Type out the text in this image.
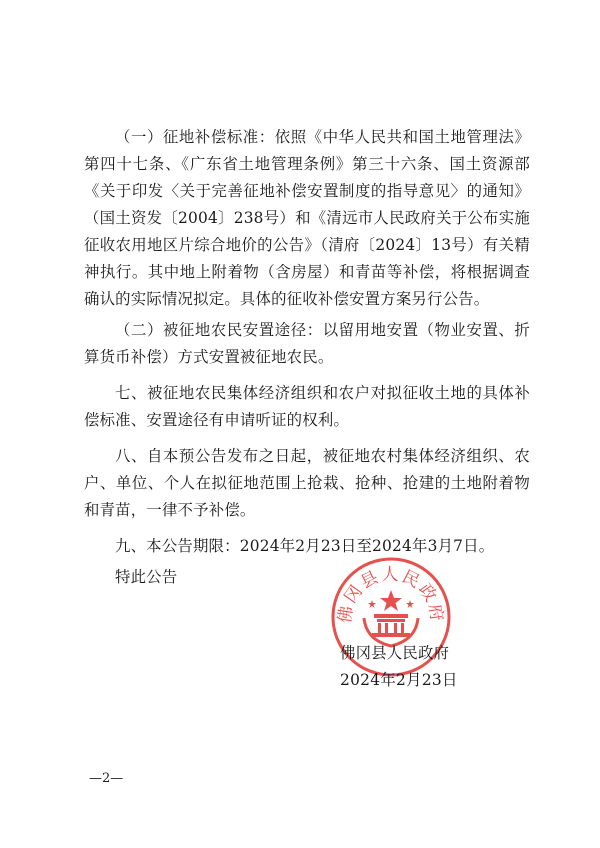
（一）征地补偿标准：依照《中华人民共和国土地管理法》第四十七条、《广东省土地管理条例》第三十六条、国土资源部《关于印发〈关于完善征地补偿安置制度的指导意见〉的通知》（国土资发〔2004〕238号）和《清远市人民政府关于公布实施征收农用地区片综合地价的公告》（清府〔2024〕13号）有关精神执行。其中地上附着物（含房屋）和青苗等补偿，将根据调查确认的实际情况拟定。具体的征收补偿安置方案另行公告。

（二）被征地农民安置途径：以留用地安置（物业安置、折算货币补偿）方式安置被征地农民。

七、被征地农民集体经济组织和农户对拟征收土地的具体补偿标准、安置途径有申请听证的权利。

八、自本预公告发布之日起，被征地农村集体经济组织、农户、单位、个人在拟征地范围上抢栽、抢种、抢建的土地附着物和青苗，一律不予补偿。

九、本公告期限：2024年2月23日至2024年3月7日。

特此公告

佛冈县人民政府
佛冈县人民政府
2024年2月23日
—2—
